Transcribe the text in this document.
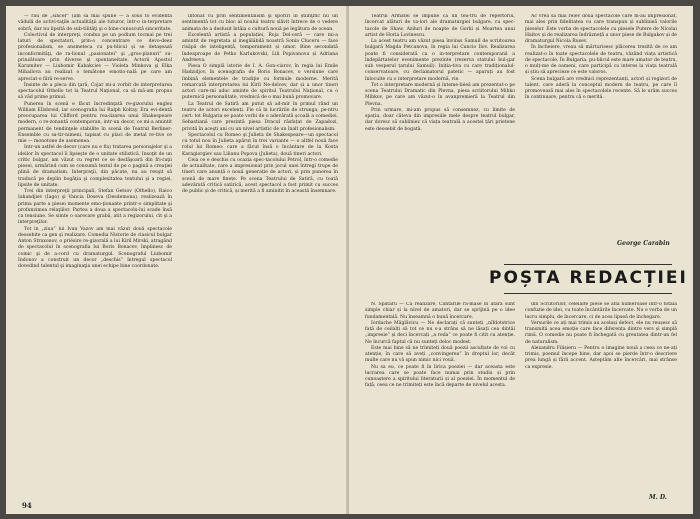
— rau de „sincer” (am să mai spune — a sous to evidentă vădulă de activi-taţile actualităţii ale tuturor, intr-o in-terpretare sobră, dar nu lipsită de sub-tilităţi şi o bine-cunoscută sinceritate.

Colectivul de interpreţi, condus pe un podium tocmai pe trei laturi de spectatori, prin-o concentrare ce devo-deez profesionalism, se ansmeteca cu pu-blicul şi se detaşează inconformităţi, de ra-lionul „pasionatei” şi „gros-planuri” su-prinzătoare prin diverse şi spontaneitate. Actorii Apostol Karamitev — Liubomir Kabakciev — Violeta Minkova şi Elka Mihailova au realizat o temătone emotio-nală pe care am apreciat-o fără re-serve.

Însinte de a pleca din ţară, Cojar mi-a vorbit de interpretarea spectacolul Othello tot la Teatrul Naţional, ca să mă-am propus să văd prime primul.

Punerea în scenă e făcut încredinţată re-gizorului englez William Ellsbreid, iar scenografia lui Ralph Koltay. Era evi-dentă preocuparea lui Clifford pentru rea-lizarea unui Shakespeare modern, o re-zonantă contemporan, intr-un decor, ce mi-a amintit permanent de tendinţele stabilite în scenă de Teatrul Berliner-Ensemble cu sa-tir-nimeni, tapisat cu placi de metal re-tive ce mie — monotone de asemenea.

Intr-un astfel de decor (care nu e fix) tratarea personajelor şi a ideilor în spectacol îi lipseşte de o unitate stilistică. Insoţit de un critic bulgar, am văzut cu regret ce se desfăşoară din fri-raţii piesei, urmărind cum se consumă textul de pe o pagină a creaţiei plină de dramatism. Interpreţii, din păcate, nu au reuşit să traducă pe deplin bogăţia şi complexitatea textului şi a regiei, lipsite de unitate.

Trei din interpreţii principali, Stefan Getsov (Othello), Raico Iahandjiev (Iago) şi Vancia Doseva (Desdemona), realizează în prima parte a piesei momente emo-ţionante printr-o simplitate şi profunzimea relaţiilor. Partea a doua a spectacolu-lui scade însă ca tensiune. Se simte o oarecare grabă, atit a regizorului, cit şi a interpreţilor.

Tot in „ziua” lui Ivan Vazov am mai văzut două spectacole deosebite ca gen şi realizare. Comedia Nistorie de clasicul bulgar Anton Straxonov, o priésire re-gizorală a lui Kiril Mirski, atragând de spectacolul în scenografia lui Boris Bonacev, împlinesc de comic şi de a-cord cu dramaturgul. Scenograful Liubomir Indonov a construit un decor „deschis” întregul spectacol dovedind talentul şi imaginaţia unei echipe bine coordonate.

intonat cu prin sentimentalism şi sporiri in știinţific nu un sentimentă tot cu bloc al noului teatru slăvit întrece de o vedere animata de a deslusit întăia o cultură nouă pe legătura de ocean.

Excelentă artistă a populației, Roja Del-ceră — care mi-a amintit de regretata și inegălăbilă noastră Sonia Cluceru — face risăpă de inteligență, temperament și umor. Bine secondată îndeaproape de Petko Karlukovski, Lili Popivanova și Adriana Andreeva.

Piesa O simplă istorie de I. A. Gon-ciarov, în regia lui Emile Hadzidjov, în scenografia de Boris Bonacev, o versiune care îmbină elementele de tradiţie cu formule moderne. Merită remarcată interpretarea lui Kiril Ne-delcev, dar și a unor tineri actori care-mi aduc aminte de spiritul Teatrului Naţional, cu o puternică personalitate, vrednică de o mai bună promovare.

La Teatrul de Satiră am putut să ad-mir în primul rând un teatru de actori excelenți. Fie că în lucrările de strunga, pe-ntru cert: tot Bulgaria se poate vorbi de o adevărată școală a comediei. Sebastiană care prezintă piesa Dracul răsfațat de Zapadozi, privită în aceşti ani cu un nivel artistic de un înalt profesionalism.

Spectacolul cu Romeo şi Julieta de Shakespeare—un spectacol cu totul nou în Julieta apărut în trei variante — o altfel nouă face rolul lui Romeo: care a făcut însă o încântare de la Kosta Karagiorgiev sau Lilianu Popova (Julieta), două tineri actori.

Ceia ce e deschis cu ocazia spec-tacolului Petrol, într-o comedie de actualitate, care a impresionat prin jocul unei întregi trupe de tineri care anunță o nouă generație de actori, și prin punerea în scenă de mare finețe. Pe scena Teatrului de Satiră, cu toată adevărată critică satirică, acest spectacol a fost primit cu succes de public și de critică, și merită a fi aminitit în această însemnare.

94

Teatrul Armatei se impune ca un tea-tru de repertoriu, încercat alături de va-lori ale dramaturgiei bulgare, cu spec-tacole de Shaw, Aziluri de noapte de Gorki și Moartea unui artist de Horia Lovinescu.

La acest teatru am văzut piesa învinșs Samuil de scriitoarea bulgară Magda Petcanova, în regia lui Cancio Ilov. Realizarea poate fi considerată ca o in-terpretare contemporană a îndepărtatelor evenimente prezinte (rezerva statului bul-gar sub vesperul țarului Samuil). Iniția-tiva cu care tradiționalul-conservatoare, cu declamatorul patetic — aparuți au fost înlocuite cu o interpretare modernă, vie.

Tot o interpretare modernă și înteme-liéeă am prezentat-o pe scena Teatrului Dramatic din Plevna, piesa scriitorului Mihko Mihkov, pe care am văzut-o în avanpremieră la Teatrul din Plevna.

Prin urmare, mi-am propus să consemnez, cu limite de spațiu, doar câteva din impresiile mele despre teatrul bulgar, dar doresc să subliniez că viața teatrală a acestei țări prietene este deosebit de bogată.

Ac vrea să mai relev două spectacole care m-au impresionat, mai ales prin fidelitatea cu care transpun și sublinieă valorile pieselor. Este vorba de spectacolele cu piesele Putere de Nicolai Haitov și de realizarea îndrăzneță a unor piese de Bulgakov și de dramaturgul Nicola Rusev.

În încheiere, vreau să mărturisesc plăcerea trezită de ce am realizat-o în toate spectacolele de teatru, văzând viața artistică de spectacole. În Bulgaria, pu-blicul este mare amator de teatru, o mulț-me de oameni, care participă cu interes la viața teatrală și știu să aprecieze ce este valoros.

Scena bulgară are vrednici reprezentanți, actori și regizori de talent, care aderă la conceptul modern de teatru, pe care îl promovează mai ales în spectacolele recente. Să le urăm succes în continuare, pentru că o merită.

George Carabin
POȘTA REDACȚIEI

N. Spătaru — Ca realizare, Cântările ră-mase în afară sunt simple chiar și la nivel de amatori, dar se sprijină pe o idee fundamentală. Nu înseamnă o bună încercare.

Iordache Măglăvicu — Ne declarați că sunteți „nîfdotstrice fată de ceilalți să tot ce nu s-a strâns să ne lăsați cea dintâi „impresie” și deci încercați „a reda” ce poate fi citit cu atenție. Ne încurcă faptul că nu sunteți deloc modest.

Este mai bine să ne trimiteți două poezii ascultate de voi cu atenție, în care să aveți „convingerea” în dreptul lor, decât multe care nu vă spun nimic nici vouă.

Nu sa eu, ce poate fi în lirica poeziei — dar aceasta este lucrarea care se poate face numai prin studiu și prin cunoaștere a spiritului literaturii și al poeziei. În momentul de față, ceea ce ne trimiteți este încă departe de nivelul acesta.

din Scriitorilor, celelalte piese se află numeroase într-o totală confuzie de idei, cu toate încântările încercate. Nu e vorba de un lucru simplu, de încercare, ci de acea lipseă de închegare.

Versurile ce ați mai trimis au același defect, ele nu reușesc să transmită acea emoție care face diferența dintre vers și simplă rimă. O comedie nu poate fi închegată cu greutatea dintr-un fel de naturalism.

Alexandru Filișieru — Pentru o imagine nouă a ceea ce ne-ați trimis, poemul începe bine, dar apoi se pierde într-o descriere prea lungă și fără accent. Așteptăm alte încercări, mai strânse ca expresie.

M. D.
